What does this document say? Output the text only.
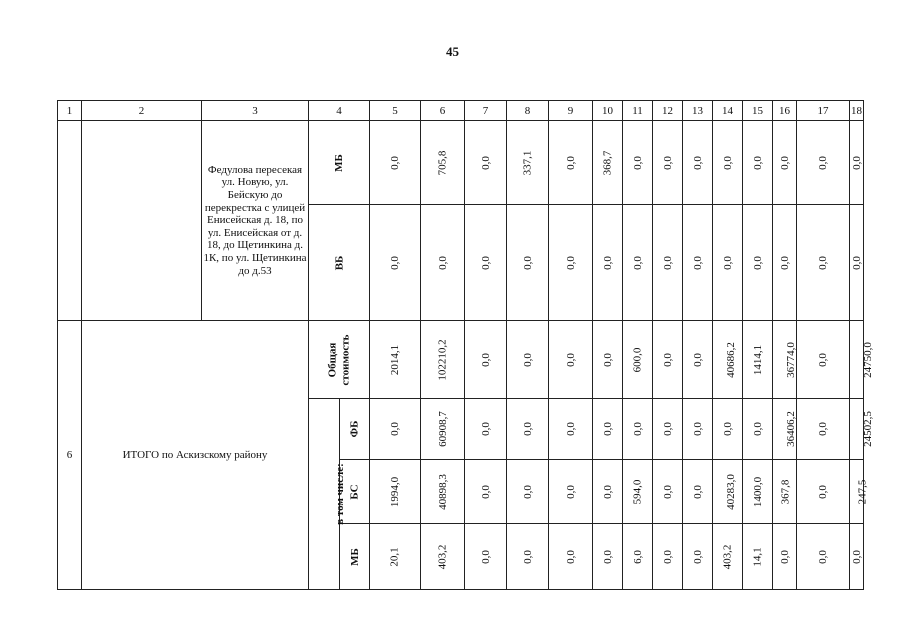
45
1	2	3	4		5	6	7	8	9	10	11	12	13	14	15	16	17	18
		Федулова пересекая ул. Новую, ул. Бейскую до перекрестка с улицей Енисейская д. 18, по ул. Енисейская от д. 18, до Щетинкина д. 1К, по ул. Щетинкина до д.53	МБ		0,0	705,8	0,0	337,1	0,0	368,7	0,0	0,0	0,0	0,0	0,0	0,0	0,0	0,0
			ВБ		0,0	0,0	0,0	0,0	0,0	0,0	0,0	0,0	0,0	0,0	0,0	0,0	0,0	0,0
6	ИТОГО по Аскизскому району		Общая
стоимость		2014,1	102210,2	0,0	0,0	0,0	0,0	600,0	0,0	0,0	40686,2	1414,1	36774,0	0,0	24750,0
			в том числе:	ФБ	0,0	60908,7	0,0	0,0	0,0	0,0	0,0	0,0	0,0	0,0	0,0	36406,2	0,0	24502,5
				БС	1994,0	40898,3	0,0	0,0	0,0	0,0	594,0	0,0	0,0	40283,0	1400,0	367,8	0,0	247,5
				МБ	20,1	403,2	0,0	0,0	0,0	0,0	6,0	0,0	0,0	403,2	14,1	0,0	0,0	0,0
